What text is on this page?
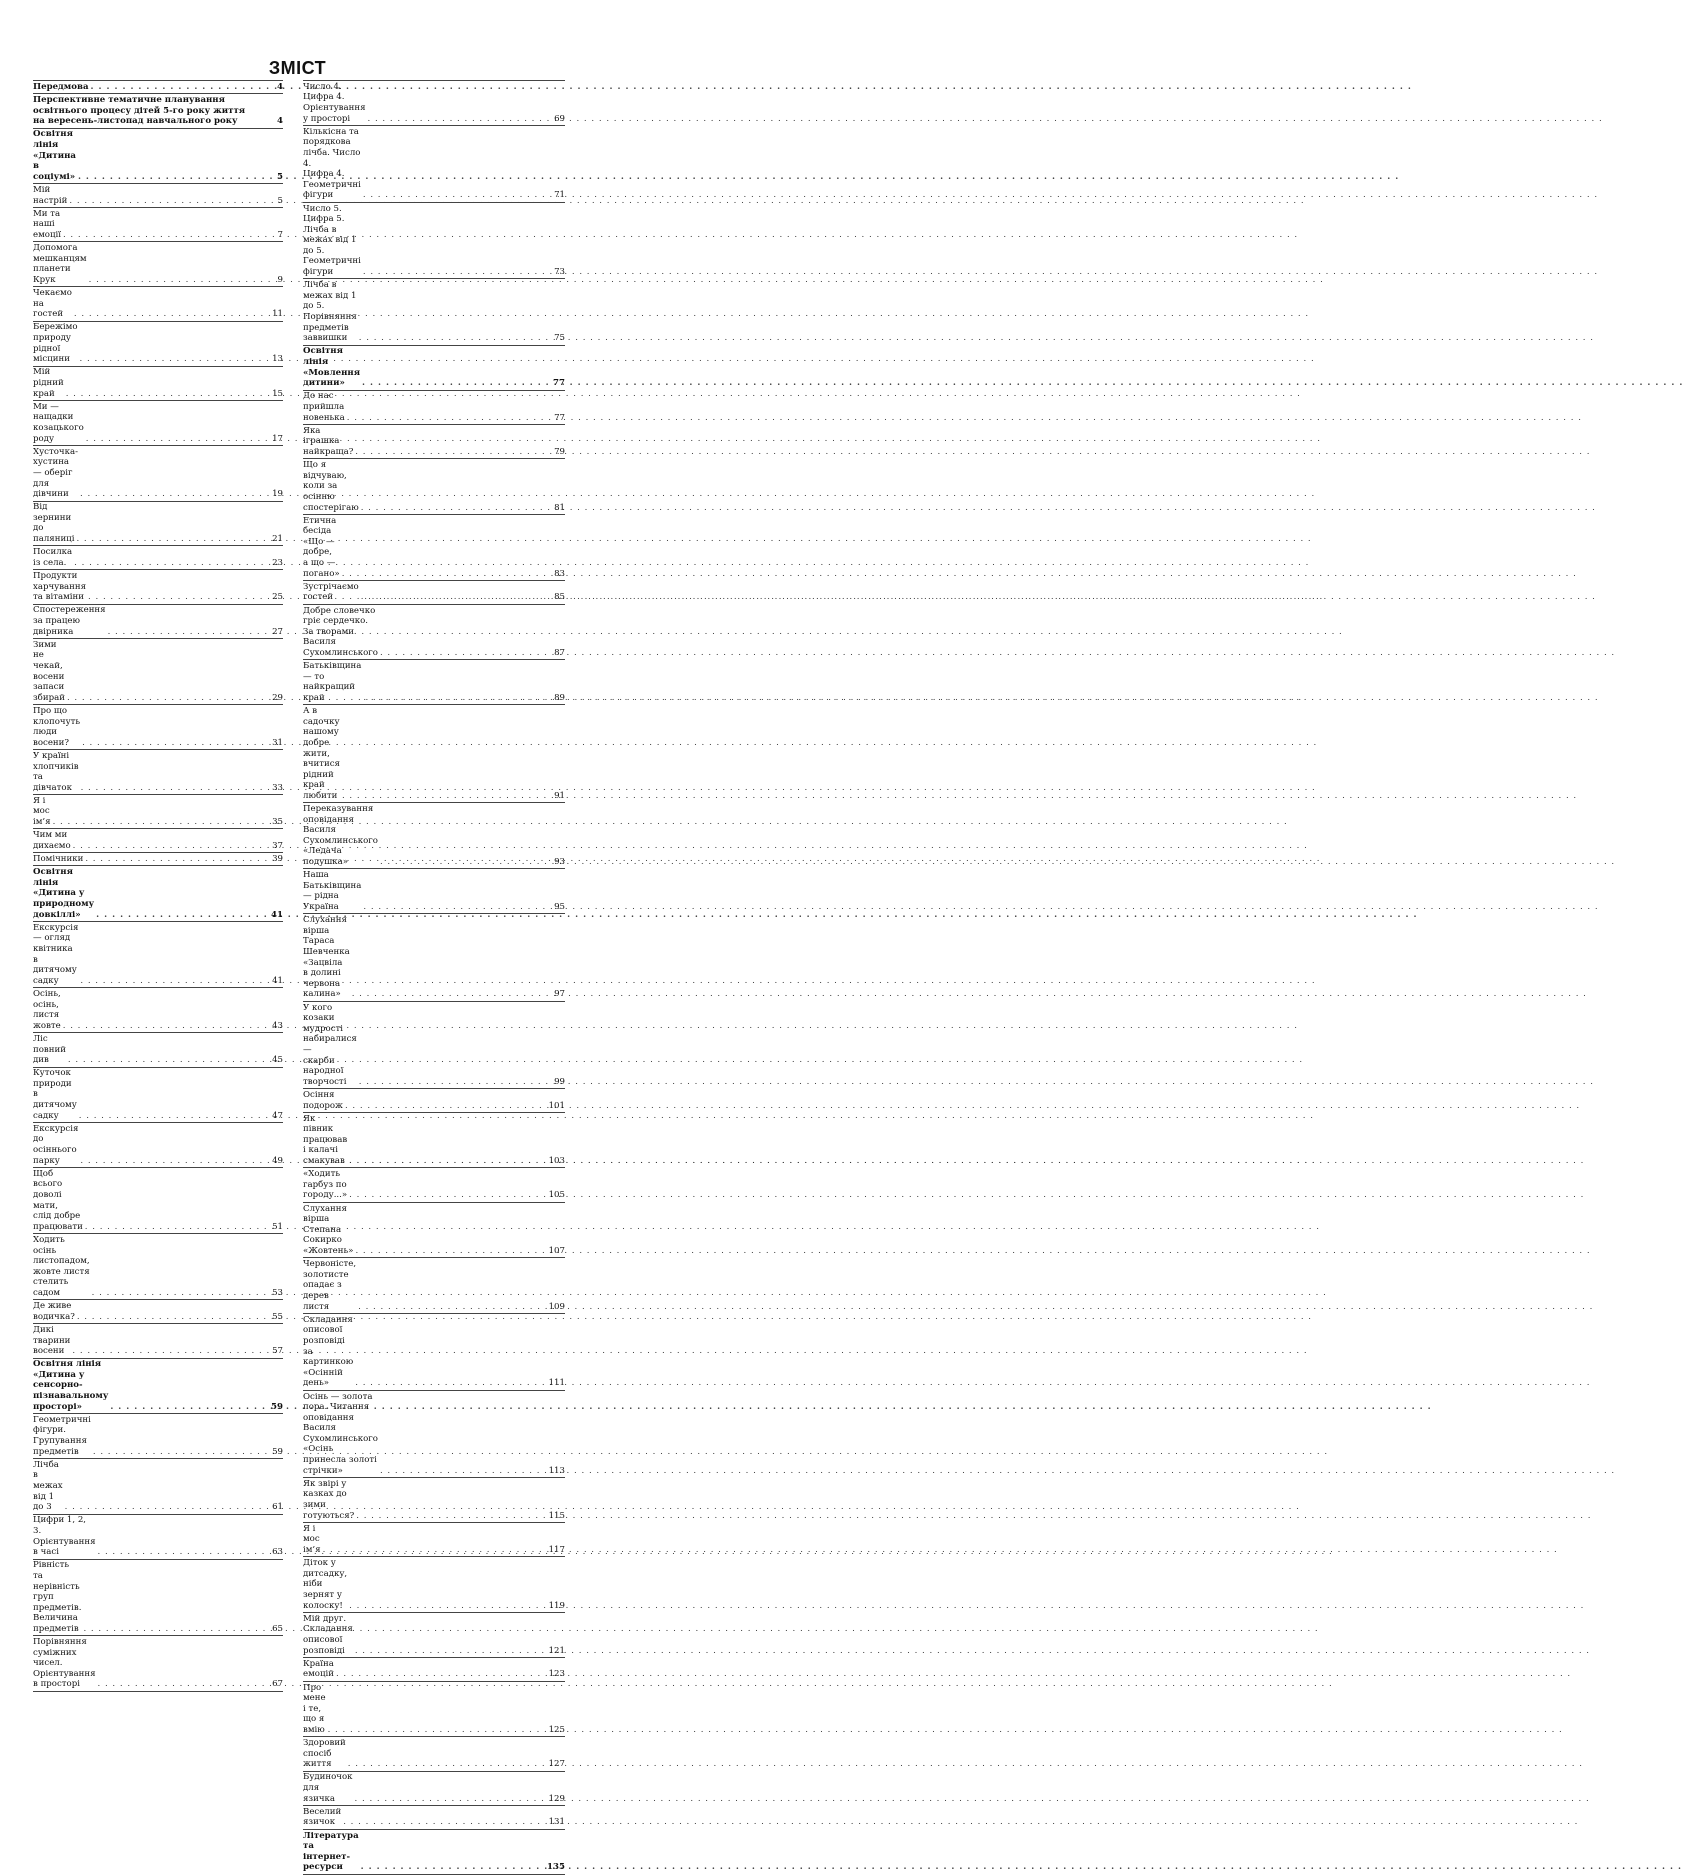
ЗМІСТ
Передмова . . .	4
Перспективне тематичне планування
освітнього процесу дітей 5-го року життя
на вересень-листопад навчального року	4
Освітня лінія «Дитина в соціумі» . . .	5
Мій настрій . . .	5
Ми та наші емоції . . .	7
Допомога мешканцям планети Крук . . .	9
Чекаємо на гостей . . .	11
Бережімо природу рідної місцини . . .	13
Мій рідний край . . .	15
Ми — нащадки козацького роду . . .	17
Хусточка-хустина — оберіг для дівчини . . .	19
Від зернини до паляниці . . .	21
Посилка із села. . . .	23
Продукти харчування та вітаміни . . .	25
Спостереження за працею двірника . . .	27
Зими не чекай, восени запаси збирай . . .	29
Про що клопочуть люди восени? . . .	31
У країні хлопчиків та дівчаток . . .	33
Я і мос ім’я . . .	35
Чим ми дихаємо . . .	37
Помічники . . .	39
Освітня лінія
«Дитина у природному довкіллі» . . .	41
Екскурсія — огляд квітника
в дитячому садку . . .	41
Осінь, осінь, листя жовте . . .	43
Ліс повний див . . .	45
Куточок природи в дитячому садку . . .	47
Екскурсія до осіннього парку . . .	49
Щоб всього доволі мати,
слід добре працювати . . .	51
Ходить осінь листопадом,
жовте листя стелить садом . . .	53
Де живе водичка? . . .	55
Дикі тварини восени . . .	57
Освітня лінія
«Дитина у сенсорно-пізнавальному
просторі» . . .	59
Геометричні фігури. Групування предметів . . .	59
Лічба в межах від 1 до 3 . . .	61
Цифри 1, 2, 3. Орієнтування в часі . . .	63
Рівність та нерівність груп предметів.
Величина предметів . . .	65
Порівняння суміжних чисел.
Орієнтування в просторі . . .	67
Число 4. Цифра 4. Орієнтування у просторі . . .	69
Кількісна та порядкова лічба. Число 4.
Цифра 4. Геометричні фігури . . .	71
Число 5. Цифра 5. Лічба в межах від 1 до 5.
Геометричні фігури . . .	73
Лічба в межах від 1 до 5.
Порівняння предметів заввишки . . .	75
Освітня лінія «Мовлення дитини» . . .	77
До нас прийшла новенька . . .	77
Яка іграшка найкраща? . . .	79
Що я відчуваю, коли за осінню спостерігаю . . .	81
Етична бесіда «Що — добре,
а що — погано» . . .	83
Зустрічаємо гостей . . .	85
Добре словечко гріє сердечко.
За творами Василя Сухомлинського . . .	87
Батьківщина — то найкращий край . . .	89
А в садочку нашому добре жити,
вчитися рідний край любити . . .	91
Переказування оповідання
Василя Сухомлинського «Ледача подушка» . . .	93
Наша Батьківщина — рідна Україна . . .	95
Слухання вірша Тараса Шевченка
«Зацвіла в долині червона калина» . . .	97
У кого козаки мудрості набиралися —
скарби народної творчості . . .	99
Осіння подорож . . .	101
Як півник працював і калачі смакував . . .	103
«Ходить гарбуз по городу...» . . .	105
Слухання вірша Степана Сокирко
«Жовтень» . . .	107
Червоністе, золотисте
опадає з дерев листя . . .	109
Складання описової розповіді
за картинкою «Осінній день» . . .	111
Осінь — золота пора. Читання
оповідання Василя Сухомлинського
«Осінь принесла золоті стрічки» . . .	113
Як звірі у казках до зими готуються? . . .	115
Я і мос ім’я . . .	117
Діток у дитсадку, ніби зернят у колоску! . . .	119
Мій друг. Складання описової розповіді . . .	121
Країна емоцій . . .	123
Про мене і те, що я вмію . . .	125
Здоровий спосіб життя . . .	127
Будиночок для язичка . . .	129
Веселий язичок . . .	131
Література та інтернет-ресурси . . .	135
